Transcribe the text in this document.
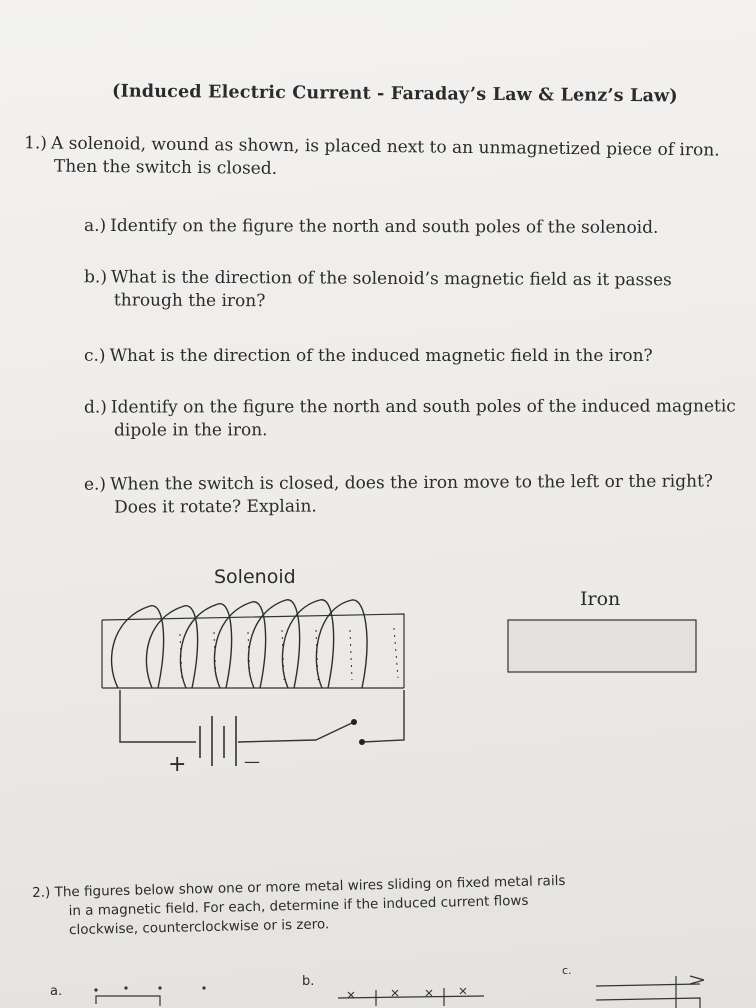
(Induced Electric Current - Faraday’s Law & Lenz’s Law)
1.) A solenoid, wound as shown, is placed next to an unmagnetized piece of iron.
Then the switch is closed.
a.) Identify on the figure the north and south poles of the solenoid.
b.) What is the direction of the solenoid’s magnetic field as it passes
through the iron?
c.) What is the direction of the induced magnetic field in the iron?
d.) Identify on the figure the north and south poles of the induced magnetic
dipole in the iron.
e.) When the switch is closed, does the iron move to the left or the right?
Does it rotate? Explain.
Solenoid
Iron
+	—
2.) The figures below show one or more metal wires sliding on fixed metal rails
in a magnetic field. For each, determine if the induced current flows
clockwise, counterclockwise or is zero.
a.
b.
c.
